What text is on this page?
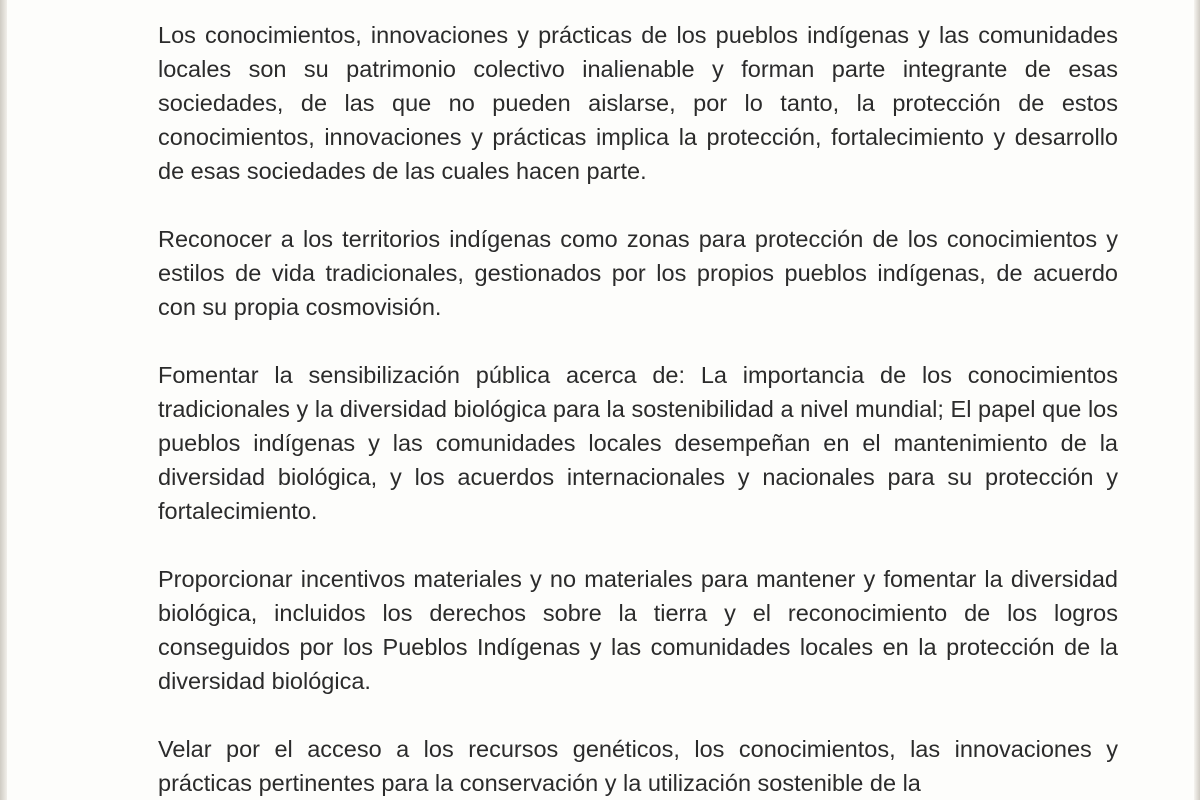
Los conocimientos, innovaciones y prácticas de los pueblos indígenas y las comunidades locales son su patrimonio colectivo inalienable y forman parte integrante de esas sociedades, de las que no pueden aislarse, por lo tanto, la protección de estos conocimientos, innovaciones y prácticas implica la protección, fortalecimiento y desarrollo de esas sociedades de las cuales hacen parte.

Reconocer a los territorios indígenas como zonas para protección de los conocimientos y estilos de vida tradicionales, gestionados por los propios pueblos indígenas, de acuerdo con su propia cosmovisión.

Fomentar la sensibilización pública acerca de: La importancia de los conocimientos tradicionales y la diversidad biológica para la sostenibilidad a nivel mundial; El papel que los pueblos indígenas y las comunidades locales desempeñan en el mantenimiento de la diversidad biológica, y los acuerdos internacionales y nacionales para su protección y fortalecimiento.

Proporcionar incentivos materiales y no materiales para mantener y fomentar la diversidad biológica, incluidos los derechos sobre la tierra y el reconocimiento de los logros conseguidos por los Pueblos Indígenas y las comunidades locales en la protección de la diversidad biológica.

Velar por el acceso a los recursos genéticos, los conocimientos, las innovaciones y prácticas pertinentes para la conservación y la utilización sostenible de la
